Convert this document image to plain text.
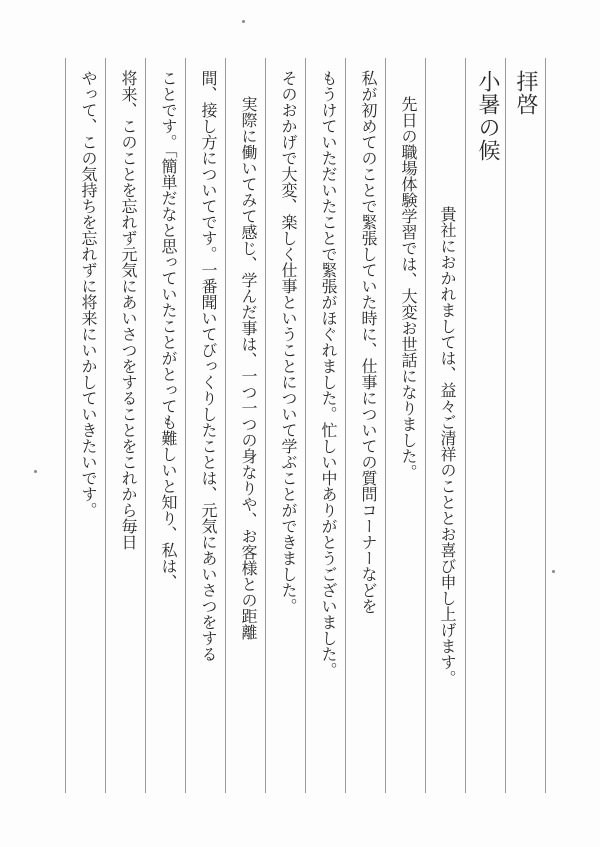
拝啓
小暑の候
貴社におかれましては、益々ご清祥のこととお喜び申し上げます。
先日の職場体験学習では、大変お世話になりました。
私が初めてのことで緊張していた時に、仕事についての質問コーナーなどを
もうけていただいたことで緊張がほぐれました。忙しい中ありがとうございました。
そのおかげで大変、楽しく仕事ということについて学ぶことができました。
実際に働いてみて感じ、学んだ事は、一つ一つの身なりや、お客様との距離
間、接し方についてです。一番聞いてびっくりしたことは、元気にあいさつをする
ことです。「簡単だなと思っていたことがとっても難しいと知り、私は、
将来、このことを忘れず元気にあいさつをすることをこれから毎日
やって、この気持ちを忘れずに将来にいかしていきたいです。
